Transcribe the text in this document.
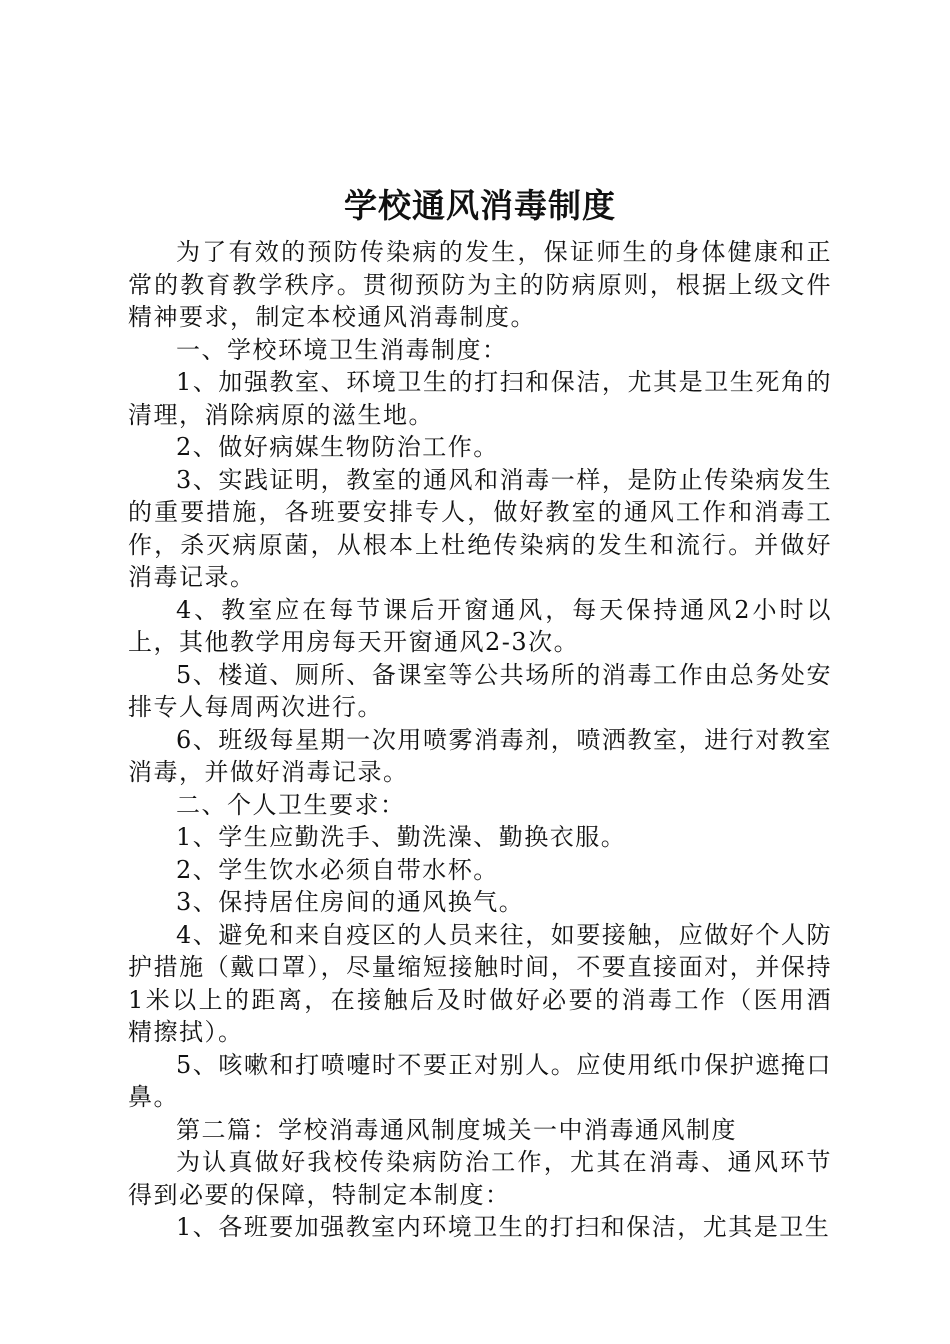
学校通风消毒制度

为了有效的预防传染病的发生，保证师生的身体健康和正常的教育教学秩序。贯彻预防为主的防病原则，根据上级文件精神要求，制定本校通风消毒制度。

一、学校环境卫生消毒制度：

1、加强教室、环境卫生的打扫和保洁，尤其是卫生死角的清理，消除病原的滋生地。

2、做好病媒生物防治工作。

3、实践证明，教室的通风和消毒一样，是防止传染病发生的重要措施，各班要安排专人，做好教室的通风工作和消毒工作，杀灭病原菌，从根本上杜绝传染病的发生和流行。并做好消毒记录。

4、教室应在每节课后开窗通风，每天保持通风2小时以上，其他教学用房每天开窗通风2-3次。

5、楼道、厕所、备课室等公共场所的消毒工作由总务处安排专人每周两次进行。

6、班级每星期一次用喷雾消毒剂，喷洒教室，进行对教室消毒，并做好消毒记录。

二、个人卫生要求：

1、学生应勤洗手、勤洗澡、勤换衣服。

2、学生饮水必须自带水杯。

3、保持居住房间的通风换气。

4、避免和来自疫区的人员来往，如要接触，应做好个人防护措施（戴口罩），尽量缩短接触时间，不要直接面对，并保持1米以上的距离，在接触后及时做好必要的消毒工作（医用酒精擦拭）。

5、咳嗽和打喷嚏时不要正对别人。应使用纸巾保护遮掩口鼻。

第二篇：学校消毒通风制度城关一中消毒通风制度

为认真做好我校传染病防治工作，尤其在消毒、通风环节得到必要的保障，特制定本制度：

1、各班要加强教室内环境卫生的打扫和保洁，尤其是卫生
